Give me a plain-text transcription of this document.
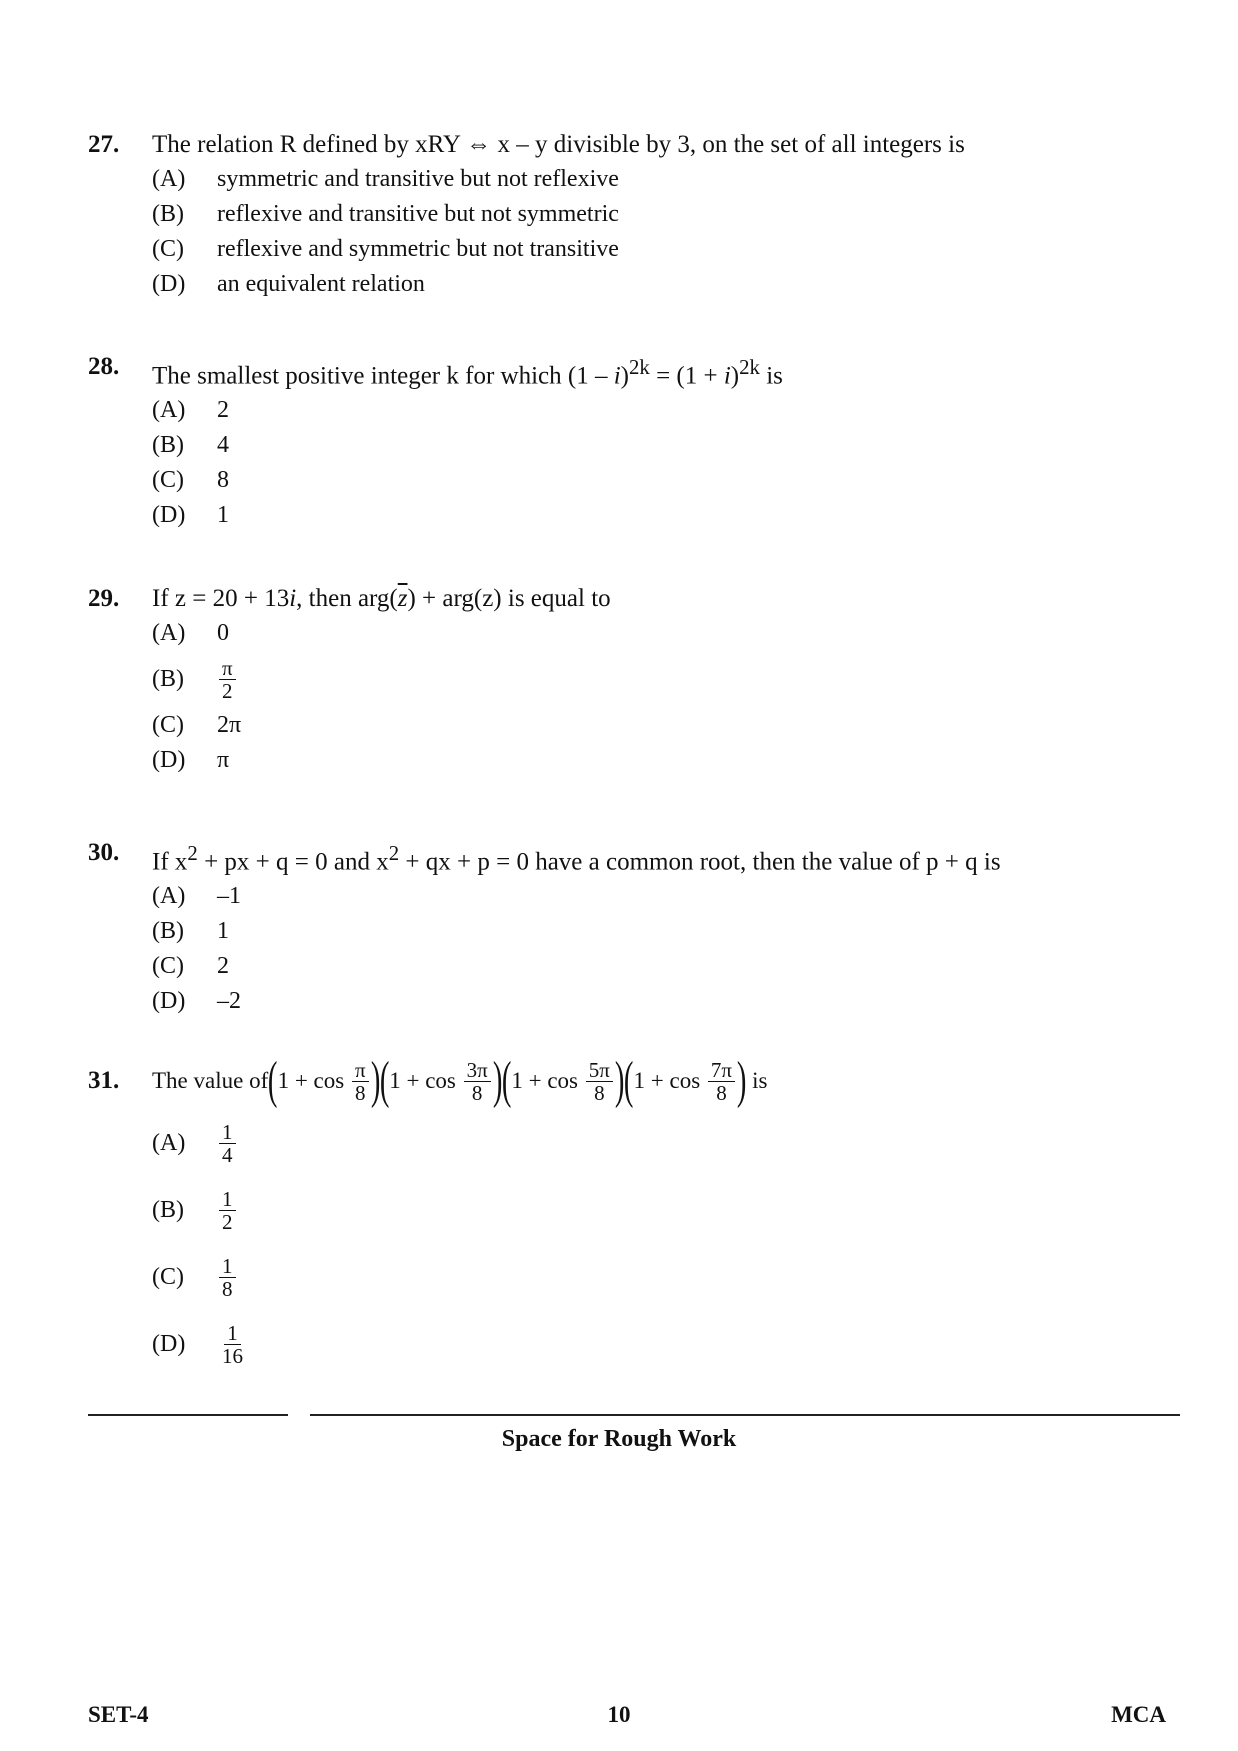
27.	The relation R defined by xRY ⇔ x – y divisible by 3, on the set of all integers is
(A)	symmetric and transitive but not reflexive
(B)	reflexive and transitive but not symmetric
(C)	reflexive and symmetric but not transitive
(D)	an equivalent relation
28.	The smallest positive integer k for which $(1 - i)^{2k} = (1 + i)^{2k}$ is
(A)	2
(B)	4
(C)	8
(D)	1
29.	If z = 20 + 13i, then $arg(\overline{z}) + arg(z)$ is equal to
(A)	0
(B)	$\frac{\pi}{2}$
(C)	2π
(D)	π
30.	If $x^2$ + px + q = 0 and $x^2$ + qx + p = 0 have a common root, then the value of p + q is
(A)	–1
(B)	1
(C)	2
(D)	–2
31.	The value of ( 1 + cos
$\frac{\pi}{8}$ ) ( 1 + cos
$\frac{3\pi}{8}$ ) ( 1 + cos
$\frac{5\pi}{8}$ ) ( 1 + cos
$\frac{7\pi}{8}$ )
is
(A)	$\frac{1}{4}$
(B)	$\frac{1}{2}$
(C)	$\frac{1}{8}$
(D)	$\frac{1}{16}$
Space for Rough Work
SET-4	10	MCA
